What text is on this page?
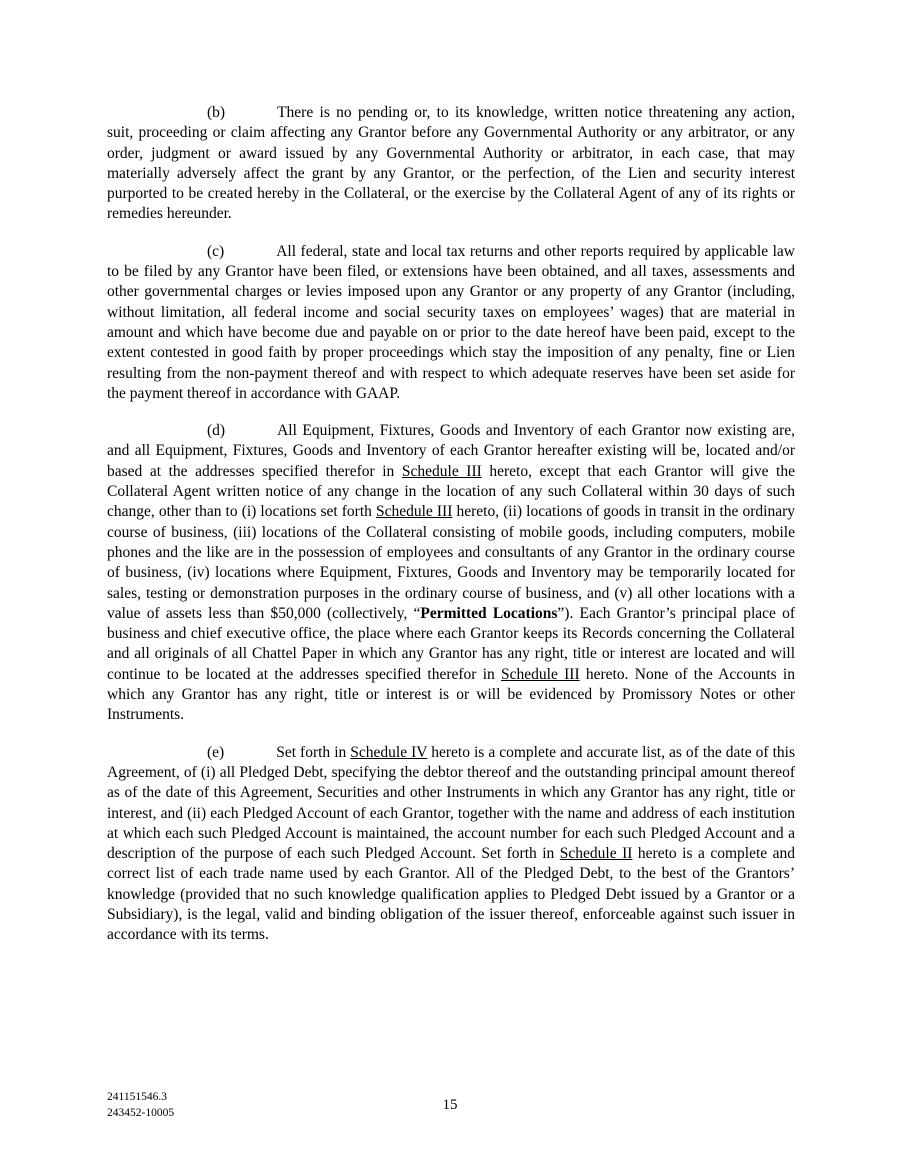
(b)	There is no pending or, to its knowledge, written notice threatening any action, suit, proceeding or claim affecting any Grantor before any Governmental Authority or any arbitrator, or any order, judgment or award issued by any Governmental Authority or arbitrator, in each case, that may materially adversely affect the grant by any Grantor, or the perfection, of the Lien and security interest purported to be created hereby in the Collateral, or the exercise by the Collateral Agent of any of its rights or remedies hereunder.

(c)	All federal, state and local tax returns and other reports required by applicable law to be filed by any Grantor have been filed, or extensions have been obtained, and all taxes, assessments and other governmental charges or levies imposed upon any Grantor or any property of any Grantor (including, without limitation, all federal income and social security taxes on employees’ wages) that are material in amount and which have become due and payable on or prior to the date hereof have been paid, except to the extent contested in good faith by proper proceedings which stay the imposition of any penalty, fine or Lien resulting from the non-payment thereof and with respect to which adequate reserves have been set aside for the payment thereof in accordance with GAAP.

(d)	All Equipment, Fixtures, Goods and Inventory of each Grantor now existing are, and all Equipment, Fixtures, Goods and Inventory of each Grantor hereafter existing will be, located and/or based at the addresses specified therefor in Schedule III hereto, except that each Grantor will give the Collateral Agent written notice of any change in the location of any such Collateral within 30 days of such change, other than to (i) locations set forth Schedule III hereto, (ii) locations of goods in transit in the ordinary course of business, (iii) locations of the Collateral consisting of mobile goods, including computers, mobile phones and the like are in the possession of employees and consultants of any Grantor in the ordinary course of business, (iv) locations where Equipment, Fixtures, Goods and Inventory may be temporarily located for sales, testing or demonstration purposes in the ordinary course of business, and (v) all other locations with a value of assets less than $50,000 (collectively, “Permitted Locations”). Each Grantor’s principal place of business and chief executive office, the place where each Grantor keeps its Records concerning the Collateral and all originals of all Chattel Paper in which any Grantor has any right, title or interest are located and will continue to be located at the addresses specified therefor in Schedule III hereto. None of the Accounts in which any Grantor has any right, title or interest is or will be evidenced by Promissory Notes or other Instruments.

(e)	Set forth in Schedule IV hereto is a complete and accurate list, as of the date of this Agreement, of (i) all Pledged Debt, specifying the debtor thereof and the outstanding principal amount thereof as of the date of this Agreement, Securities and other Instruments in which any Grantor has any right, title or interest, and (ii) each Pledged Account of each Grantor, together with the name and address of each institution at which each such Pledged Account is maintained, the account number for each such Pledged Account and a description of the purpose of each such Pledged Account. Set forth in Schedule II hereto is a complete and correct list of each trade name used by each Grantor. All of the Pledged Debt, to the best of the Grantors’ knowledge (provided that no such knowledge qualification applies to Pledged Debt issued by a Grantor or a Subsidiary), is the legal, valid and binding obligation of the issuer thereof, enforceable against such issuer in accordance with its terms.

241151546.3
243452-10005	15
